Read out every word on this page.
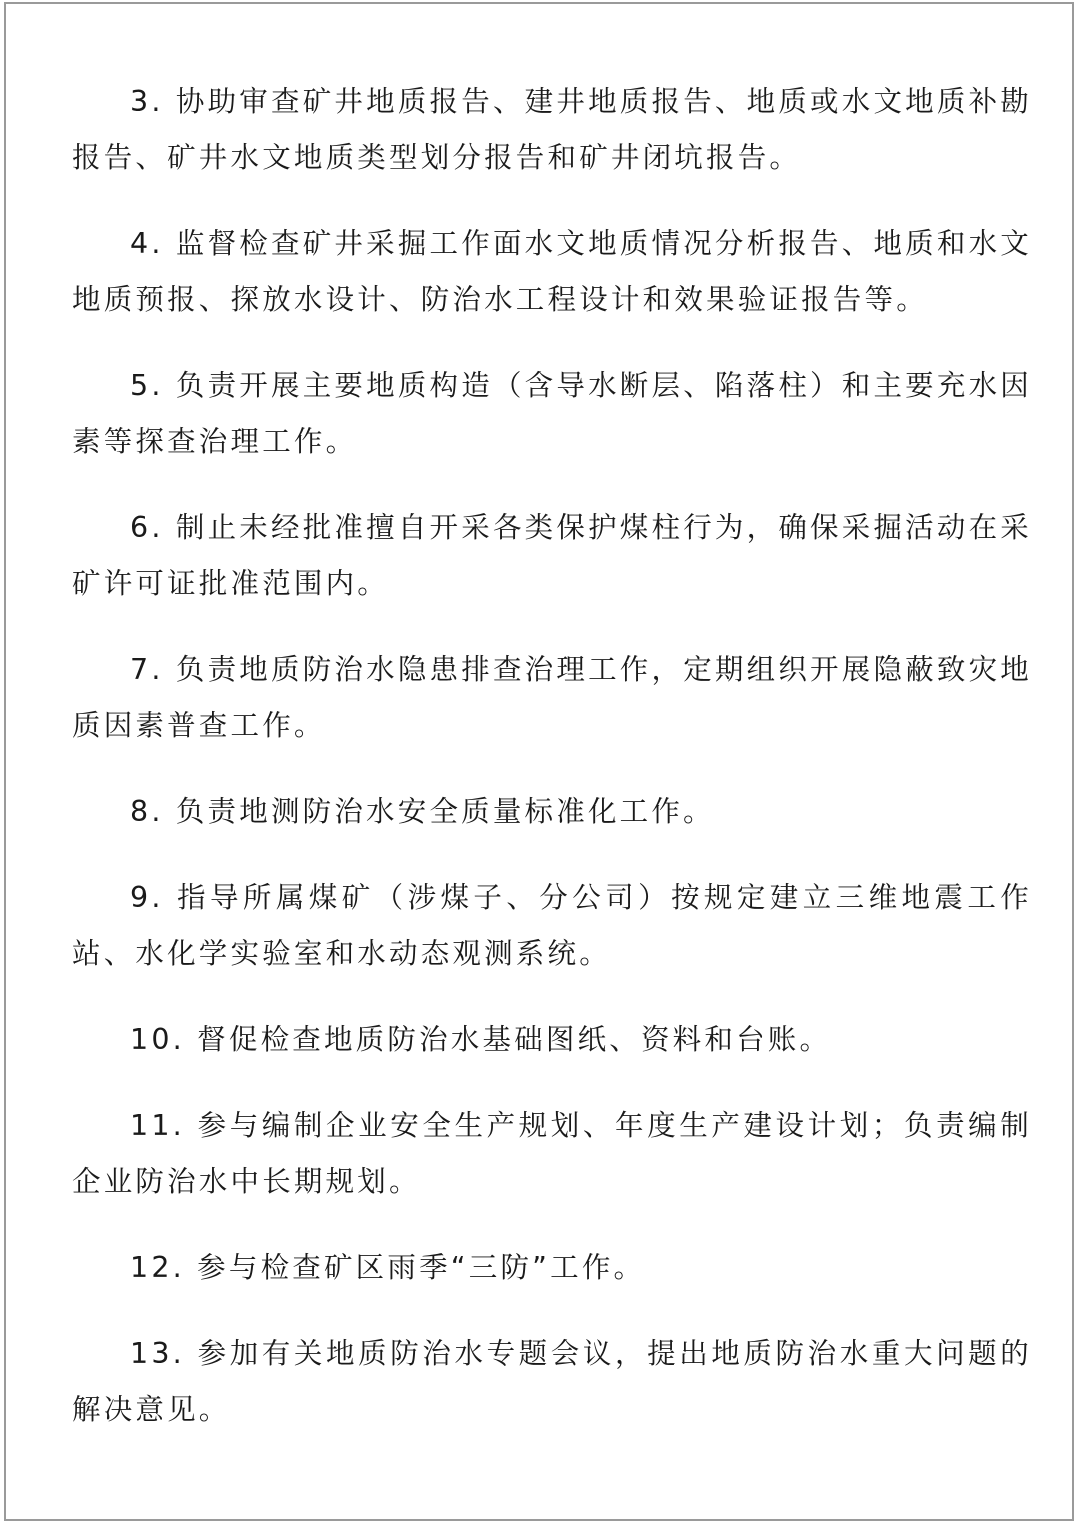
3. 协助审查矿井地质报告、建井地质报告、地质或水文地质补勘报告、矿井水文地质类型划分报告和矿井闭坑报告。

4. 监督检查矿井采掘工作面水文地质情况分析报告、地质和水文地质预报、探放水设计、防治水工程设计和效果验证报告等。

5. 负责开展主要地质构造（含导水断层、陷落柱）和主要充水因素等探查治理工作。

6. 制止未经批准擅自开采各类保护煤柱行为，确保采掘活动在采矿许可证批准范围内。

7. 负责地质防治水隐患排查治理工作，定期组织开展隐蔽致灾地质因素普查工作。

8. 负责地测防治水安全质量标准化工作。

9. 指导所属煤矿（涉煤子、分公司）按规定建立三维地震工作站、水化学实验室和水动态观测系统。

10. 督促检查地质防治水基础图纸、资料和台账。

11. 参与编制企业安全生产规划、年度生产建设计划；负责编制企业防治水中长期规划。

12. 参与检查矿区雨季“三防”工作。

13. 参加有关地质防治水专题会议，提出地质防治水重大问题的解决意见。
